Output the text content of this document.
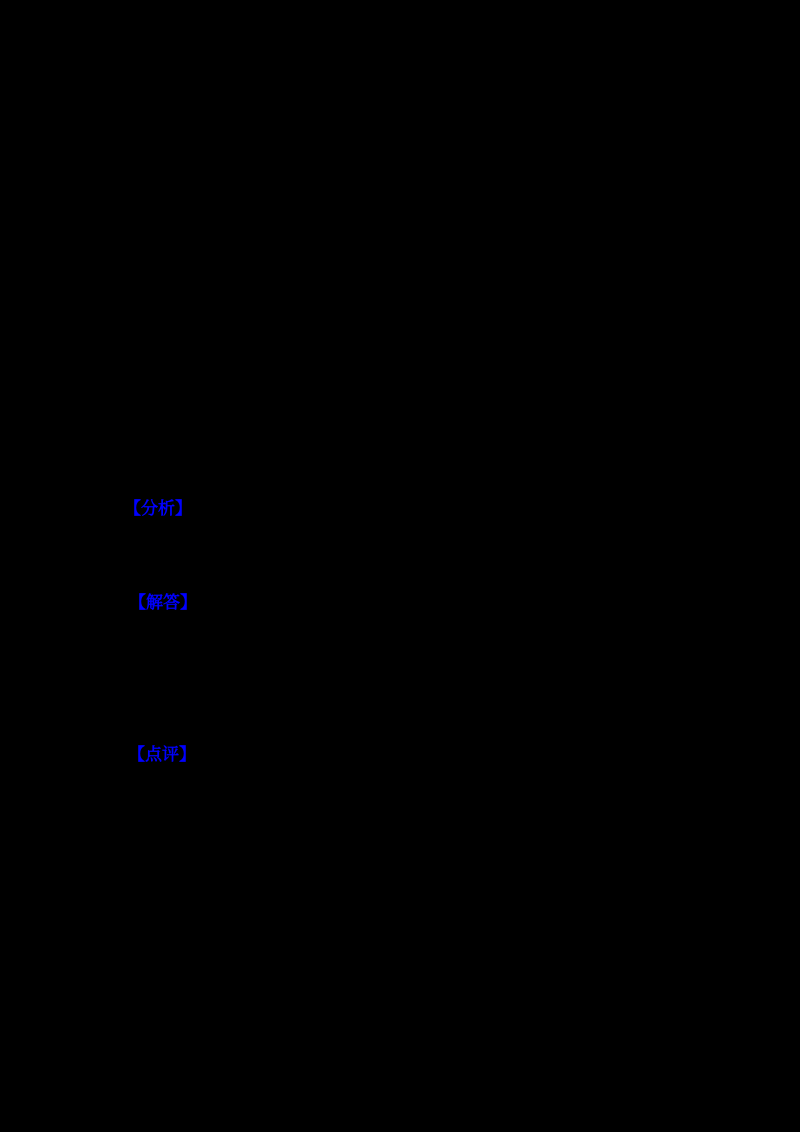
【分析】
【解答】
【点评】
